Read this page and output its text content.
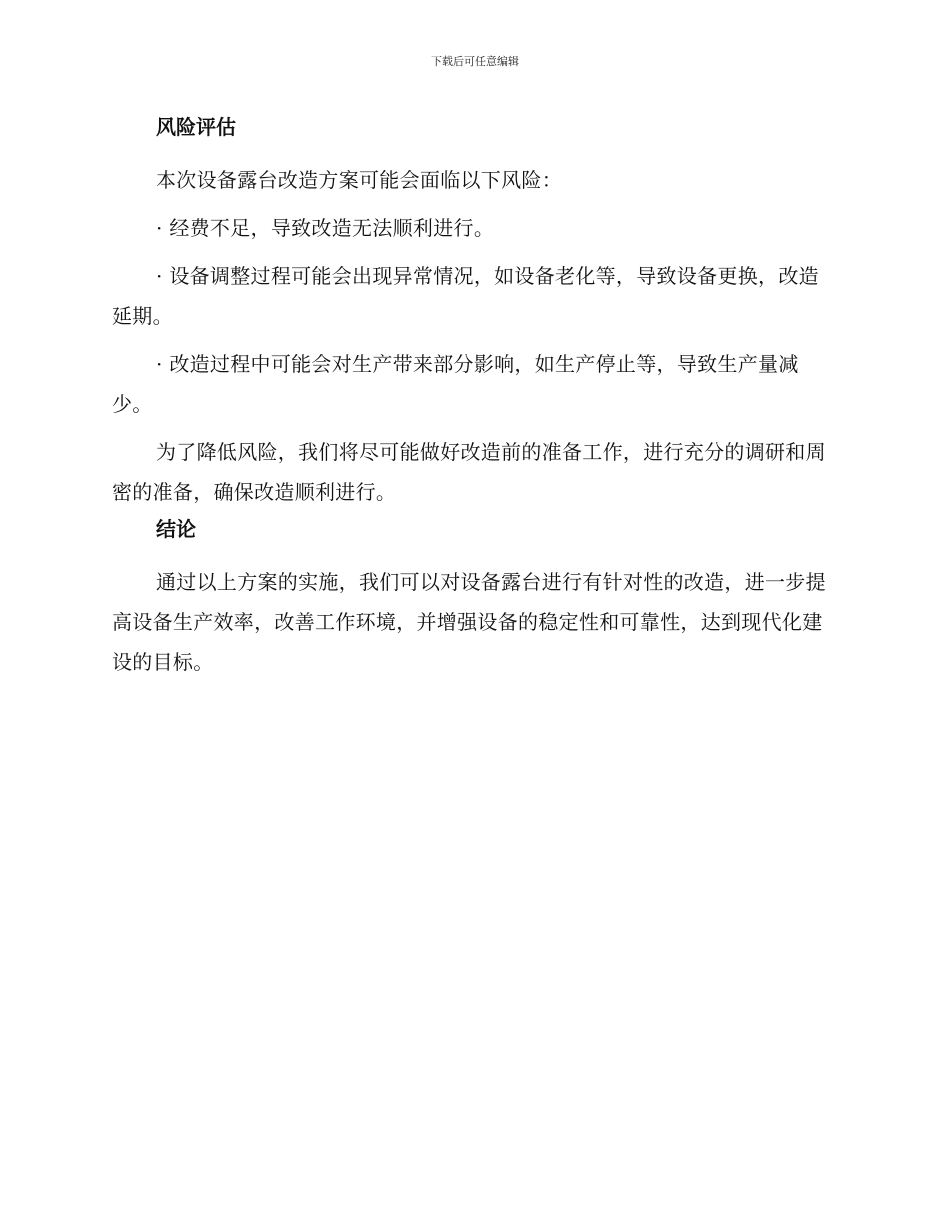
下载后可任意编辑
风险评估

本次设备露台改造方案可能会面临以下风险：

· 经费不足，导致改造无法顺利进行。

· 设备调整过程可能会出现异常情况，如设备老化等，导致设备更换，改造延期。

· 改造过程中可能会对生产带来部分影响，如生产停止等，导致生产量减少。

为了降低风险，我们将尽可能做好改造前的准备工作，进行充分的调研和周密的准备，确保改造顺利进行。

结论

通过以上方案的实施，我们可以对设备露台进行有针对性的改造，进一步提高设备生产效率，改善工作环境，并增强设备的稳定性和可靠性，达到现代化建设的目标。
